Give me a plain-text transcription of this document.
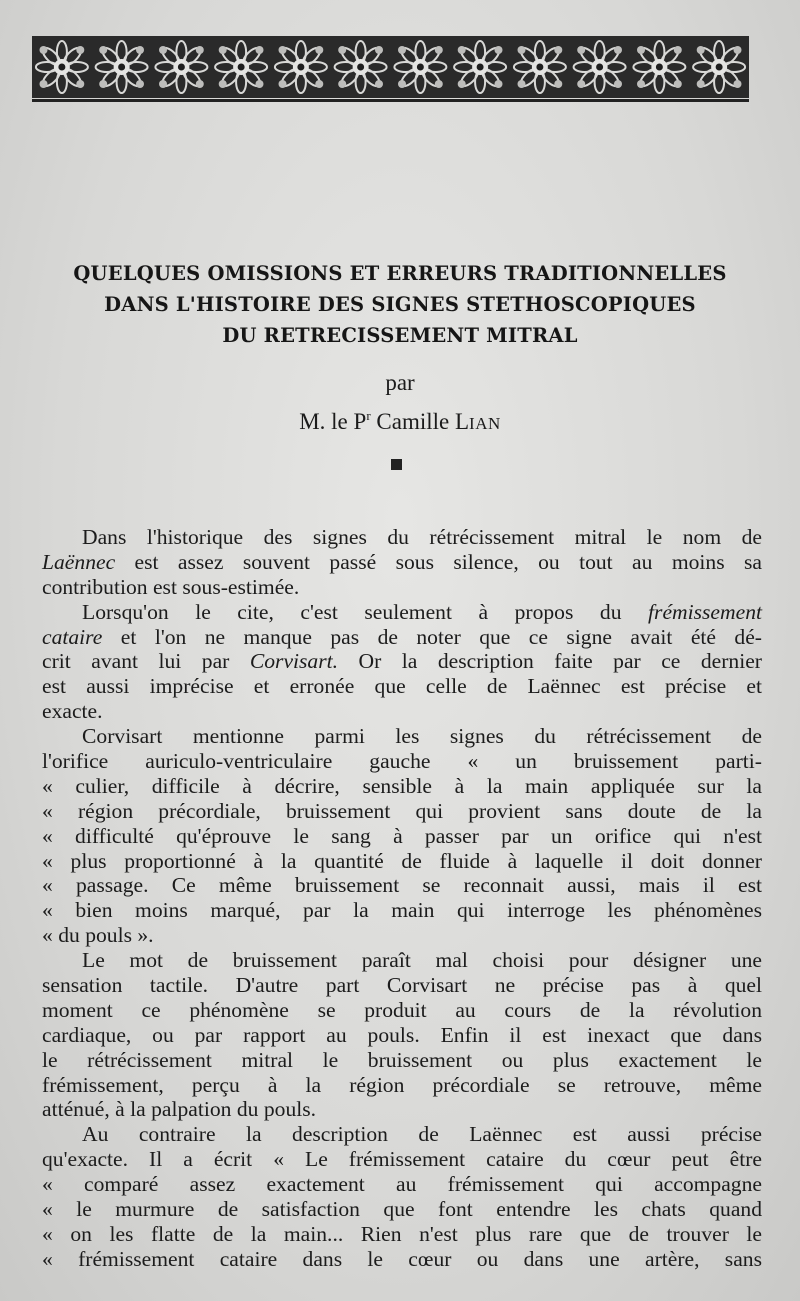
QUELQUES OMISSIONS ET ERREURS TRADITIONNELLES
DANS L'HISTOIRE DES SIGNES STETHOSCOPIQUES
DU RETRECISSEMENT MITRAL
par
M. le $P^r$ Camille LIAN
Dans l'historique des signes du rétrécissement mitral le nom de
Laënnec est assez souvent passé sous silence, ou tout au moins sa
contribution est sous-estimée.
Lorsqu'on le cite, c'est seulement à propos du frémissement
cataire et l'on ne manque pas de noter que ce signe avait été dé-
crit avant lui par Corvisart. Or la description faite par ce dernier
est aussi imprécise et erronée que celle de Laënnec est précise et
exacte.
Corvisart mentionne parmi les signes du rétrécissement de
l'orifice auriculo-ventriculaire gauche « un bruissement parti-
« culier, difficile à décrire, sensible à la main appliquée sur la
« région précordiale, bruissement qui provient sans doute de la
« difficulté qu'éprouve le sang à passer par un orifice qui n'est
« plus proportionné à la quantité de fluide à laquelle il doit donner
« passage. Ce même bruissement se reconnait aussi, mais il est
« bien moins marqué, par la main qui interroge les phénomènes
« du pouls ».
Le mot de bruissement paraît mal choisi pour désigner une
sensation tactile. D'autre part Corvisart ne précise pas à quel
moment ce phénomène se produit au cours de la révolution
cardiaque, ou par rapport au pouls. Enfin il est inexact que dans
le rétrécissement mitral le bruissement ou plus exactement le
frémissement, perçu à la région précordiale se retrouve, même
atténué, à la palpation du pouls.
Au contraire la description de Laënnec est aussi précise
qu'exacte. Il a écrit « Le frémissement cataire du cœur peut être
« comparé assez exactement au frémissement qui accompagne
« le murmure de satisfaction que font entendre les chats quand
« on les flatte de la main... Rien n'est plus rare que de trouver le
« frémissement cataire dans le cœur ou dans une artère, sans
